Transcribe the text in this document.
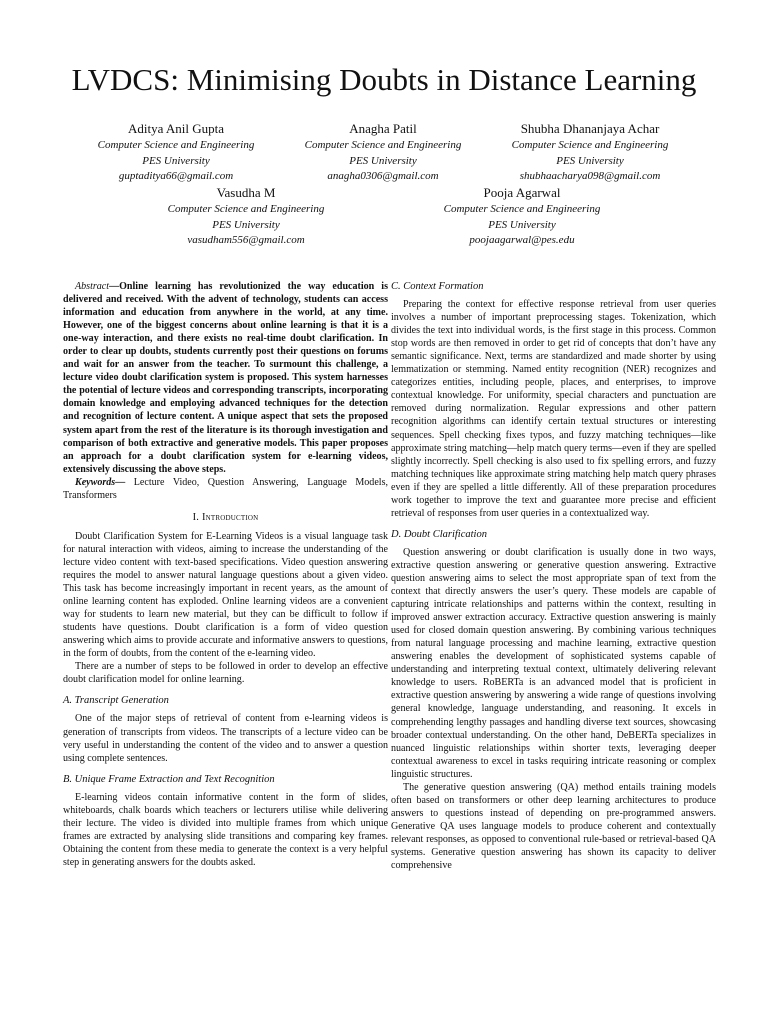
LVDCS: Minimising Doubts in Distance Learning
Aditya Anil Gupta
Computer Science and Engineering
PES University
guptaditya66@gmail.com
Anagha Patil
Computer Science and Engineering
PES University
anagha0306@gmail.com
Shubha Dhananjaya Achar
Computer Science and Engineering
PES University
shubhaacharya098@gmail.com
Vasudha M
Computer Science and Engineering
PES University
vasudham556@gmail.com
Pooja Agarwal
Computer Science and Engineering
PES University
poojaagarwal@pes.edu

Abstract—Online learning has revolutionized the way education is delivered and received. With the advent of technology, students can access information and education from anywhere in the world, at any time. However, one of the biggest concerns about online learning is that it is a one-way interaction, and there exists no real-time doubt clarification. In order to clear up doubts, students currently post their questions on forums and wait for an answer from the teacher. To surmount this challenge, a lecture video doubt clarification system is proposed. This system harnesses the potential of lecture videos and corresponding transcripts, incorporating domain knowledge and employing advanced techniques for the detection and recognition of lecture content. A unique aspect that sets the proposed system apart from the rest of the literature is its thorough investigation and comparison of both extractive and generative models. This paper proposes an approach for a doubt clarification system for e-learning videos, extensively discussing the above steps.

Keywords— Lecture Video, Question Answering, Language Models, Transformers

I. Introduction

Doubt Clarification System for E-Learning Videos is a visual language task for natural interaction with videos, aiming to increase the understanding of the lecture video content with text-based specifications. Video question answering requires the model to answer natural language questions about a given video. This task has become increasingly important in recent years, as the amount of online learning content has exploded. Online learning videos are a convenient way for students to learn new material, but they can be difficult to follow if students have questions. Doubt clarification is a form of video question answering which aims to provide accurate and informative answers to questions, in the form of doubts, from the content of the e-learning video.

There are a number of steps to be followed in order to develop an effective doubt clarification model for online learning.

A. Transcript Generation

One of the major steps of retrieval of content from e-learning videos is generation of transcripts from videos. The transcripts of a lecture video can be very useful in understanding the content of the video and to answer a question using complete sentences.

B. Unique Frame Extraction and Text Recognition

E-learning videos contain informative content in the form of slides, whiteboards, chalk boards which teachers or lecturers utilise while delivering their lecture. The video is divided into multiple frames from which unique frames are extracted by analysing slide transitions and comparing key frames. Obtaining the content from these media to generate the context is a very helpful step in generating answers for the doubts asked.

C. Context Formation

Preparing the context for effective response retrieval from user queries involves a number of important preprocessing stages. Tokenization, which divides the text into individual words, is the first stage in this process. Common stop words are then removed in order to get rid of concepts that don’t have any semantic significance. Next, terms are standardized and made shorter by using lemmatization or stemming. Named entity recognition (NER) recognizes and categorizes entities, including people, places, and enterprises, to improve contextual knowledge. For uniformity, special characters and punctuation are removed during normalization. Regular expressions and other pattern recognition algorithms can identify certain textual structures or interesting sequences. Spell checking fixes typos, and fuzzy matching techniques—like approximate string matching—help match query terms—even if they are spelled slightly incorrectly. Spell checking is also used to fix spelling errors, and fuzzy matching techniques like approximate string matching help match query phrases even if they are spelled a little differently. All of these preparation procedures work together to improve the text and guarantee more precise and efficient retrieval of responses from user queries in a contextualized way.

D. Doubt Clarification

Question answering or doubt clarification is usually done in two ways, extractive question answering or generative question answering. Extractive question answering aims to select the most appropriate span of text from the context that directly answers the user’s query. These models are capable of capturing intricate relationships and patterns within the context, resulting in improved answer extraction accuracy. Extractive question answering is mainly used for closed domain question answering. By combining various techniques from natural language processing and machine learning, extractive question answering enables the development of sophisticated systems capable of understanding and interpreting textual context, ultimately delivering relevant knowledge to users. RoBERTa is an advanced model that is proficient in extractive question answering by answering a wide range of questions involving general knowledge, language understanding, and reasoning. It excels in comprehending lengthy passages and handling diverse text sources, showcasing broader contextual understanding. On the other hand, DeBERTa specializes in nuanced linguistic relationships within shorter texts, leveraging deeper contextual awareness to excel in tasks requiring intricate reasoning or complex linguistic structures.

The generative question answering (QA) method entails training models often based on transformers or other deep learning architectures to produce answers to questions instead of depending on pre-programmed answers. Generative QA uses language models to produce coherent and contextually relevant responses, as opposed to conventional rule-based or retrieval-based QA systems. Generative question answering has shown its capacity to deliver comprehensive
